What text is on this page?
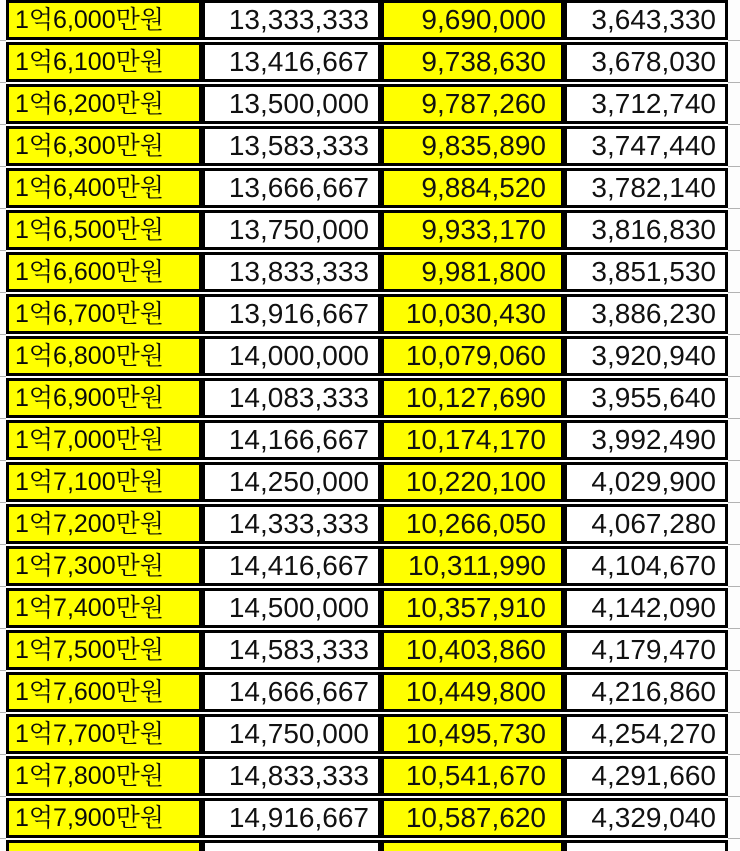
1억6,000만원	13,333,333	9,690,000	3,643,330
1억6,100만원	13,416,667	9,738,630	3,678,030
1억6,200만원	13,500,000	9,787,260	3,712,740
1억6,300만원	13,583,333	9,835,890	3,747,440
1억6,400만원	13,666,667	9,884,520	3,782,140
1억6,500만원	13,750,000	9,933,170	3,816,830
1억6,600만원	13,833,333	9,981,800	3,851,530
1억6,700만원	13,916,667	10,030,430	3,886,230
1억6,800만원	14,000,000	10,079,060	3,920,940
1억6,900만원	14,083,333	10,127,690	3,955,640
1억7,000만원	14,166,667	10,174,170	3,992,490
1억7,100만원	14,250,000	10,220,100	4,029,900
1억7,200만원	14,333,333	10,266,050	4,067,280
1억7,300만원	14,416,667	10,311,990	4,104,670
1억7,400만원	14,500,000	10,357,910	4,142,090
1억7,500만원	14,583,333	10,403,860	4,179,470
1억7,600만원	14,666,667	10,449,800	4,216,860
1억7,700만원	14,750,000	10,495,730	4,254,270
1억7,800만원	14,833,333	10,541,670	4,291,660
1억7,900만원	14,916,667	10,587,620	4,329,040
